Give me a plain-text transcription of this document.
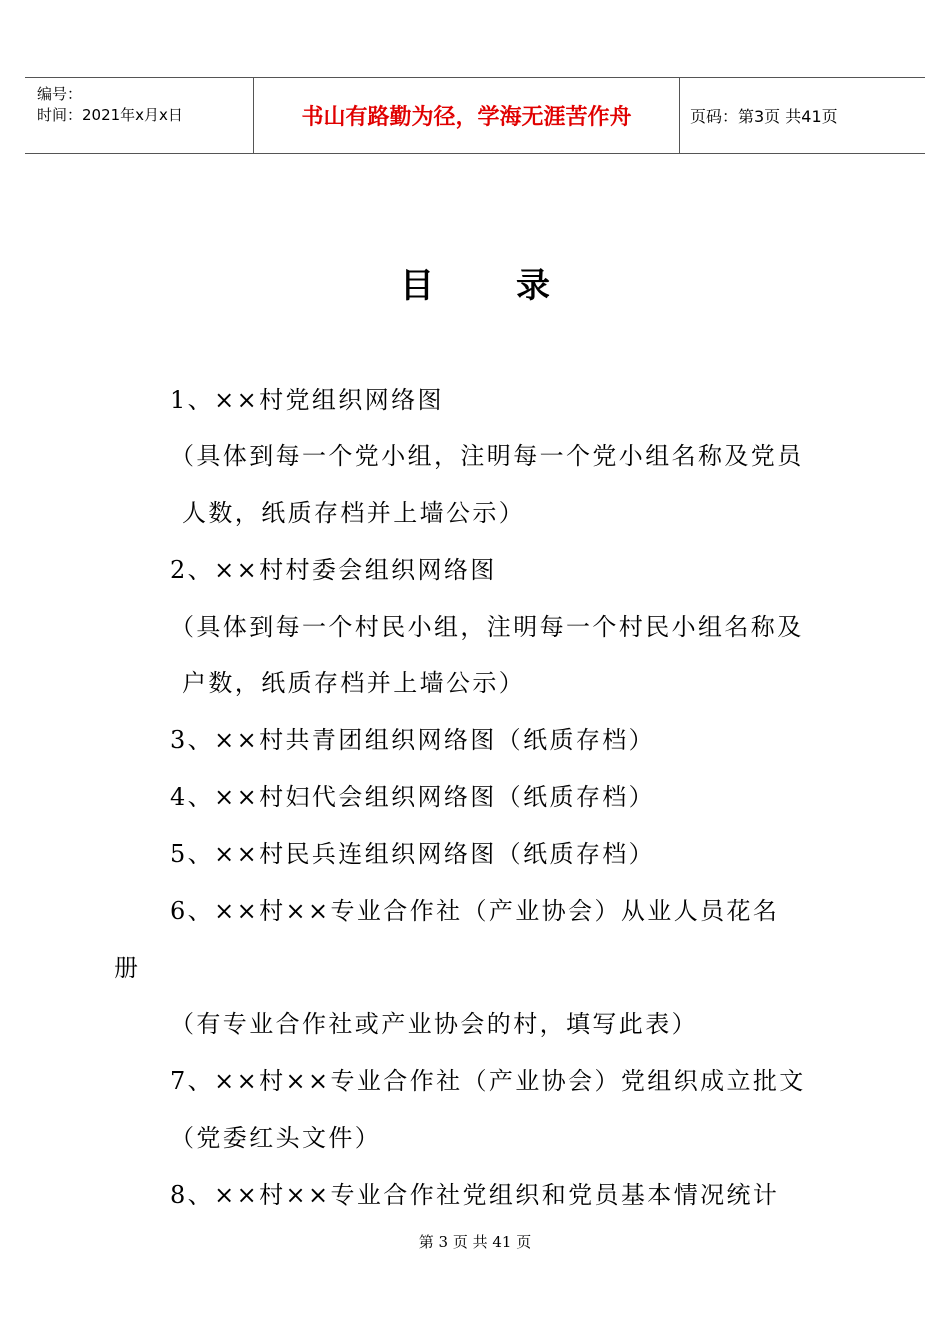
编号：
时间：2021年x月x日	书山有路勤为径，学海无涯苦作舟	页码：第3页 共41页
目 录
1、××村党组织网络图
（具体到每一个党小组，注明每一个党小组名称及党员
人数，纸质存档并上墙公示）
2、××村村委会组织网络图
（具体到每一个村民小组，注明每一个村民小组名称及
户数，纸质存档并上墙公示）
3、××村共青团组织网络图（纸质存档）
4、××村妇代会组织网络图（纸质存档）
5、××村民兵连组织网络图（纸质存档）
6、××村××专业合作社（产业协会）从业人员花名
册
（有专业合作社或产业协会的村，填写此表）
7、××村××专业合作社（产业协会）党组织成立批文
（党委红头文件）
8、××村××专业合作社党组织和党员基本情况统计
第 3 页 共 41 页
